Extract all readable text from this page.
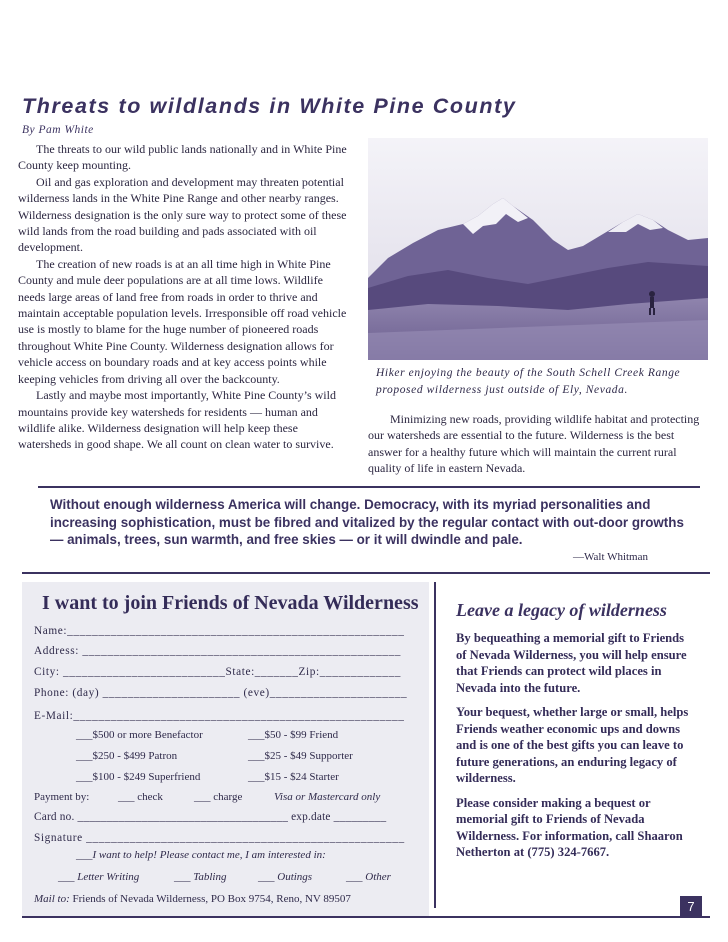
Threats to wildlands in White Pine County
By Pam White

The threats to our wild public lands nationally and in White Pine County keep mounting.

Oil and gas exploration and development may threaten potential wilderness lands in the White Pine Range and other nearby ranges. Wilderness designation is the only sure way to protect some of these wild lands from the road building and pads associated with oil development.

The creation of new roads is at an all time high in White Pine County and mule deer populations are at all time lows. Wildlife needs large areas of land free from roads in order to thrive and maintain acceptable population levels. Irresponsible off road vehicle use is mostly to blame for the huge number of pioneered roads throughout White Pine County. Wilderness designation allows for vehicle access on boundary roads and at key access points while keeping vehicles from driving all over the backcounty.

Lastly and maybe most importantly, White Pine County’s wild mountains provide key watersheds for residents — human and wildlife alike. Wilderness designation will help keep these watersheds in good shape. We all count on clean water to survive.

Hiker enjoying the beauty of the South Schell Creek Range proposed wilderness just outside of Ely, Nevada.

Minimizing new roads, providing wildlife habitat and protecting our watersheds are essential to the future. Wilderness is the best answer for a healthy future which will maintain the current rural quality of life in eastern Nevada.

Without enough wilderness America will change. Democracy, with its myriad personalities and increasing sophistication, must be fibred and vitalized by the regular contact with out-door growths — animals, trees, sun warmth, and free skies — or it will dwindle and pale.
—Walt Whitman
I want to join Friends of Nevada Wilderness
Name:______________________________________________________
Address: ___________________________________________________
City: __________________________State:_______Zip:_____________
Phone: (day) ______________________ (eve)______________________
E-Mail:_____________________________________________________
___$500 or more Benefactor	___$50 - $99 Friend
___$250 - $499 Patron	___$25 - $49 Supporter
___$100 - $249 Superfriend	___$15 - $24 Starter
Payment by:	___ check	___ charge	Visa or Mastercard only
Card no. ____________________________________ exp.date _________
Signature ___________________________________________________
___I want to help! Please contact me, I am interested in:
___ Letter Writing	___ Tabling	___ Outings	___ Other
Mail to: Friends of Nevada Wilderness, PO Box 9754, Reno, NV 89507
Leave a legacy of wilderness

By bequeathing a memorial gift to Friends of Nevada Wilderness, you will help ensure that Friends can protect wild places in Nevada into the future.

Your bequest, whether large or small, helps Friends weather economic ups and downs and is one of the best gifts you can leave to future generations, an enduring legacy of wilderness.

Please consider making a bequest or memorial gift to Friends of Nevada Wilderness. For information, call Shaaron Netherton at (775) 324-7667.

7
